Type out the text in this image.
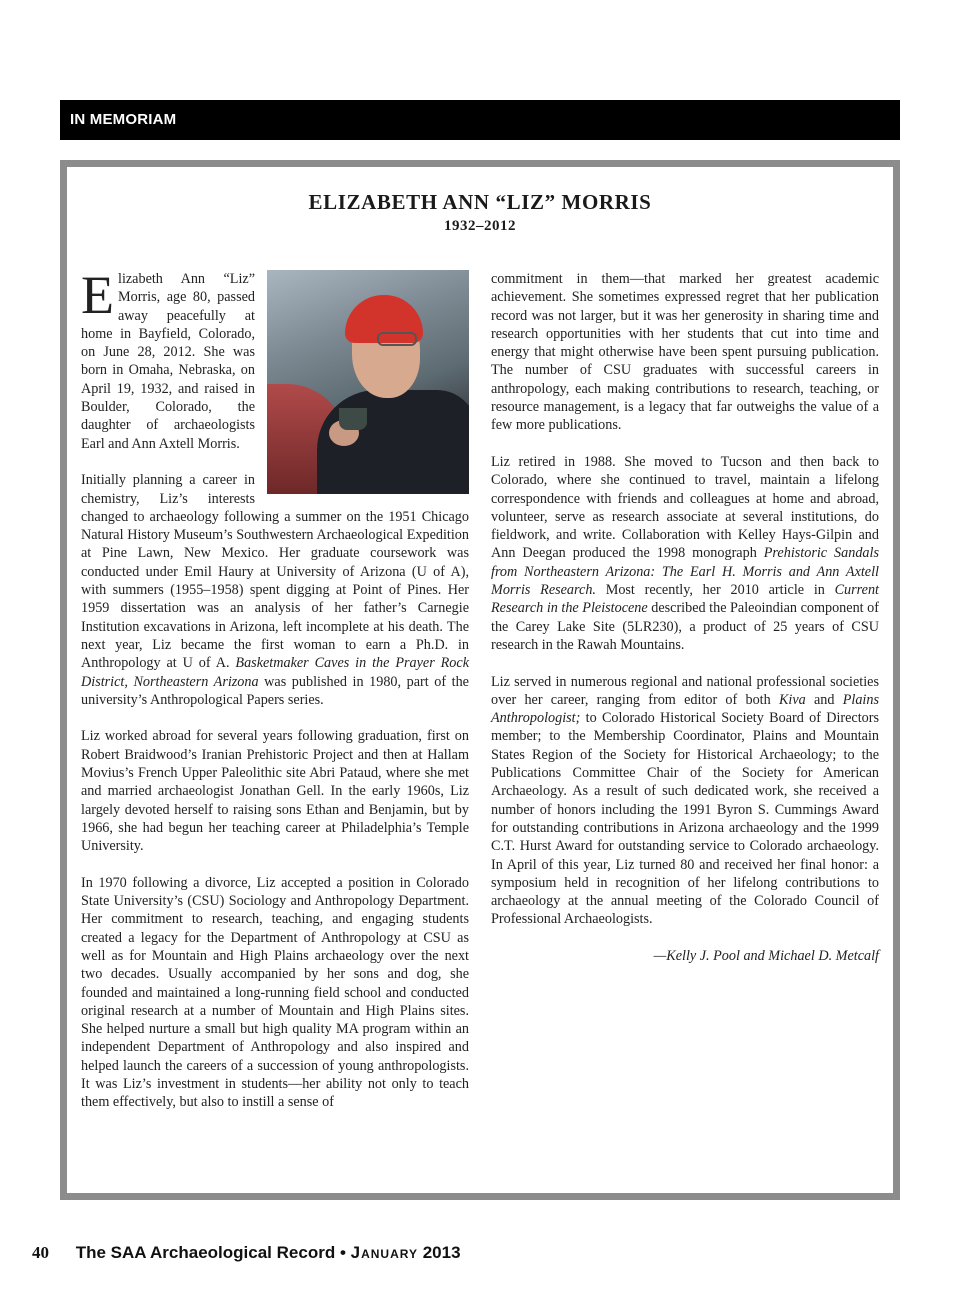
IN MEMORIAM
ELIZABETH ANN “LIZ” MORRIS
1932–2012

Elizabeth Ann “Liz” Morris, age 80, passed away peacefully at home in Bayfield, Colorado, on June 28, 2012. She was born in Omaha, Nebraska, on April 19, 1932, and raised in Boulder, Colorado, the daughter of archaeologists Earl and Ann Axtell Morris.

Initially planning a career in chemistry, Liz’s interests changed to archaeology following a summer on the 1951 Chicago Natural History Museum’s Southwestern Archaeological Expedition at Pine Lawn, New Mexico. Her graduate coursework was conducted under Emil Haury at University of Arizona (U of A), with summers (1955–1958) spent digging at Point of Pines. Her 1959 dissertation was an analysis of her father’s Carnegie Institution excavations in Arizona, left incomplete at his death. The next year, Liz became the first woman to earn a Ph.D. in Anthropology at U of A. Basketmaker Caves in the Prayer Rock District, Northeastern Arizona was published in 1980, part of the university’s Anthropological Papers series.

Liz worked abroad for several years following graduation, first on Robert Braidwood’s Iranian Prehistoric Project and then at Hallam Movius’s French Upper Paleolithic site Abri Pataud, where she met and married archaeologist Jonathan Gell. In the early 1960s, Liz largely devoted herself to raising sons Ethan and Benjamin, but by 1966, she had begun her teaching career at Philadelphia’s Temple University.

In 1970 following a divorce, Liz accepted a position in Colorado State University’s (CSU) Sociology and Anthropology Department. Her commitment to research, teaching, and engaging students created a legacy for the Department of Anthropology at CSU as well as for Mountain and High Plains archaeology over the next two decades. Usually accompanied by her sons and dog, she founded and maintained a long-running field school and conducted original research at a number of Mountain and High Plains sites. She helped nurture a small but high quality MA program within an independent Department of Anthropology and also inspired and helped launch the careers of a succession of young anthropologists. It was Liz’s investment in students—her ability not only to teach them effectively, but also to instill a sense of

commitment in them—that marked her greatest academic achievement. She sometimes expressed regret that her publication record was not larger, but it was her generosity in sharing time and research opportunities with her students that cut into time and energy that might otherwise have been spent pursuing publication. The number of CSU graduates with successful careers in anthropology, each making contributions to research, teaching, or resource management, is a legacy that far outweighs the value of a few more publications.

Liz retired in 1988. She moved to Tucson and then back to Colorado, where she continued to travel, maintain a lifelong correspondence with friends and colleagues at home and abroad, volunteer, serve as research associate at several institutions, do fieldwork, and write. Collaboration with Kelley Hays-Gilpin and Ann Deegan produced the 1998 monograph Prehistoric Sandals from Northeastern Arizona: The Earl H. Morris and Ann Axtell Morris Research. Most recently, her 2010 article in Current Research in the Pleistocene described the Paleoindian component of the Carey Lake Site (5LR230), a product of 25 years of CSU research in the Rawah Mountains.

Liz served in numerous regional and national professional societies over her career, ranging from editor of both Kiva and Plains Anthropologist; to Colorado Historical Society Board of Directors member; to the Membership Coordinator, Plains and Mountain States Region of the Society for Historical Archaeology; to the Publications Committee Chair of the Society for American Archaeology. As a result of such dedicated work, she received a number of honors including the 1991 Byron S. Cummings Award for outstanding contributions in Arizona archaeology and the 1999 C.T. Hurst Award for outstanding service to Colorado archaeology. In April of this year, Liz turned 80 and received her final honor: a symposium held in recognition of her lifelong contributions to archaeology at the annual meeting of the Colorado Council of Professional Archaeologists.

—Kelly J. Pool and Michael D. Metcalf

40 The SAA Archaeological Record • January 2013
